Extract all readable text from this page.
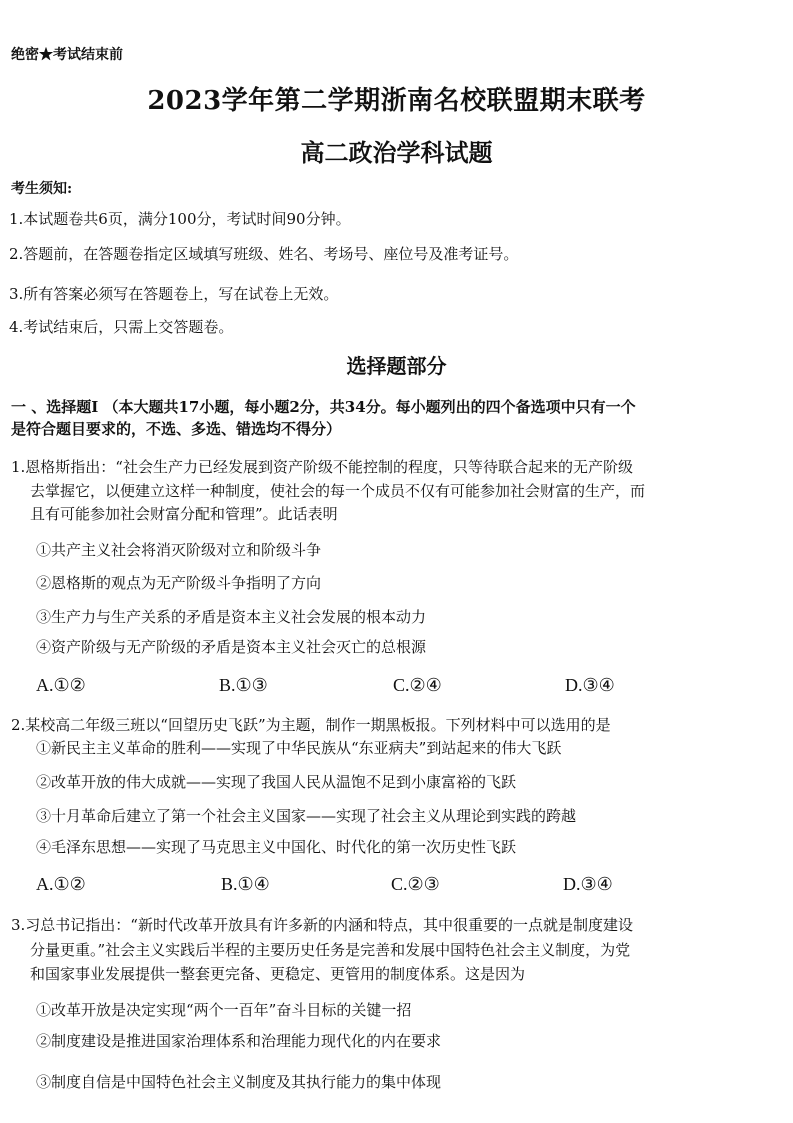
绝密★考试结束前
2023学年第二学期浙南名校联盟期末联考
高二政治学科试题
考生须知:
1.本试题卷共6页，满分100分，考试时间90分钟。
2.答题前，在答题卷指定区域填写班级、姓名、考场号、座位号及准考证号。
3.所有答案必须写在答题卷上，写在试卷上无效。
4.考试结束后，只需上交答题卷。
选择题部分
一 、选择题Ⅰ （本大题共17小题，每小题2分，共34分。每小题列出的四个备选项中只有一个
是符合题目要求的，不选、多选、错选均不得分）
1.恩格斯指出：“社会生产力已经发展到资产阶级不能控制的程度，只等待联合起来的无产阶级
去掌握它，以便建立这样一种制度，使社会的每一个成员不仅有可能参加社会财富的生产，而
且有可能参加社会财富分配和管理”。此话表明
①共产主义社会将消灭阶级对立和阶级斗争
②恩格斯的观点为无产阶级斗争指明了方向
③生产力与生产关系的矛盾是资本主义社会发展的根本动力
④资产阶级与无产阶级的矛盾是资本主义社会灭亡的总根源
A.①②	B.①③	C.②④	D.③④
2.某校高二年级三班以“回望历史飞跃”为主题，制作一期黑板报。下列材料中可以选用的是
①新民主主义革命的胜利——实现了中华民族从“东亚病夫”到站起来的伟大飞跃
②改革开放的伟大成就——实现了我国人民从温饱不足到小康富裕的飞跃
③十月革命后建立了第一个社会主义国家——实现了社会主义从理论到实践的跨越
④毛泽东思想——实现了马克思主义中国化、时代化的第一次历史性飞跃
A.①②	B.①④	C.②③	D.③④
3.习总书记指出：“新时代改革开放具有许多新的内涵和特点，其中很重要的一点就是制度建设
分量更重。”社会主义实践后半程的主要历史任务是完善和发展中国特色社会主义制度，为党
和国家事业发展提供一整套更完备、更稳定、更管用的制度体系。这是因为
①改革开放是决定实现“两个一百年”奋斗目标的关键一招
②制度建设是推进国家治理体系和治理能力现代化的内在要求
③制度自信是中国特色社会主义制度及其执行能力的集中体现
